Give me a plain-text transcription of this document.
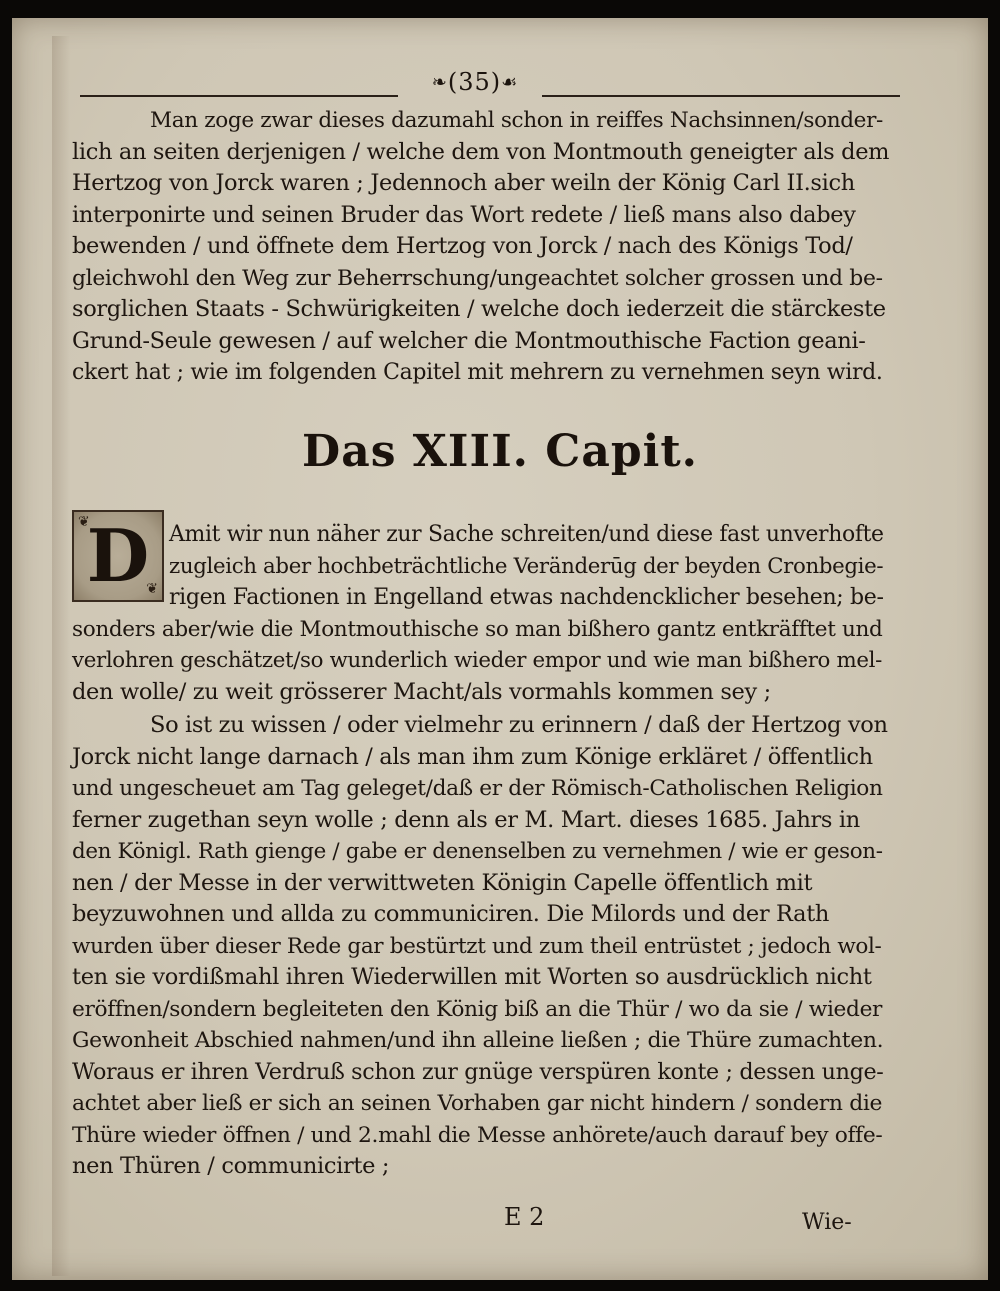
❧(35)☙
Man zoge zwar dieses dazumahl schon in reiffes Nachsinnen/sonder-
lich an seiten derjenigen / welche dem von Montmouth geneigter als dem
Hertzog von Jorck waren ; Jedennoch aber weiln der König Carl II.sich
interponirte und seinen Bruder das Wort redete / ließ mans also dabey
bewenden / und öffnete dem Hertzog von Jorck / nach des Königs Tod/
gleichwohl den Weg zur Beherrschung/ungeachtet solcher grossen und be-
sorglichen Staats - Schwürigkeiten / welche doch iederzeit die stärckeste
Grund-Seule gewesen / auf welcher die Montmouthische Faction geani-
ckert hat ; wie im folgenden Capitel mit mehrern zu vernehmen seyn wird.
Das XIII. Capit.
D
❦
❦
Amit wir nun näher zur Sache schreiten/und diese fast unverhofte
zugleich aber hochbeträchtliche Veränderūg der beyden Cronbegie-
rigen Factionen in Engelland etwas nachdencklicher besehen; be-
sonders aber/wie die Montmouthische so man bißhero gantz entkräfftet und
verlohren geschätzet/so wunderlich wieder empor und wie man bißhero mel-
den wolle/ zu weit grösserer Macht/als vormahls kommen sey ;
So ist zu wissen / oder vielmehr zu erinnern / daß der Hertzog von
Jorck nicht lange darnach / als man ihm zum Könige erkläret / öffentlich
und ungescheuet am Tag geleget/daß er der Römisch-Catholischen Religion
ferner zugethan seyn wolle ; denn als er M. Mart. dieses 1685. Jahrs in
den Königl. Rath gienge / gabe er denenselben zu vernehmen / wie er geson-
nen / der Messe in der verwittweten Königin Capelle öffentlich mit
beyzuwohnen und allda zu communiciren. Die Milords und der Rath
wurden über dieser Rede gar bestürtzt und zum theil entrüstet ; jedoch wol-
ten sie vordißmahl ihren Wiederwillen mit Worten so ausdrücklich nicht
eröffnen/sondern begleiteten den König biß an die Thür / wo da sie / wieder
Gewonheit Abschied nahmen/und ihn alleine ließen ; die Thüre zumachten.
Woraus er ihren Verdruß schon zur gnüge verspüren konte ; dessen unge-
achtet aber ließ er sich an seinen Vorhaben gar nicht hindern / sondern die
Thüre wieder öffnen / und 2.mahl die Messe anhörete/auch darauf bey offe-
nen Thüren / communicirte ;
E 2	Wie-
